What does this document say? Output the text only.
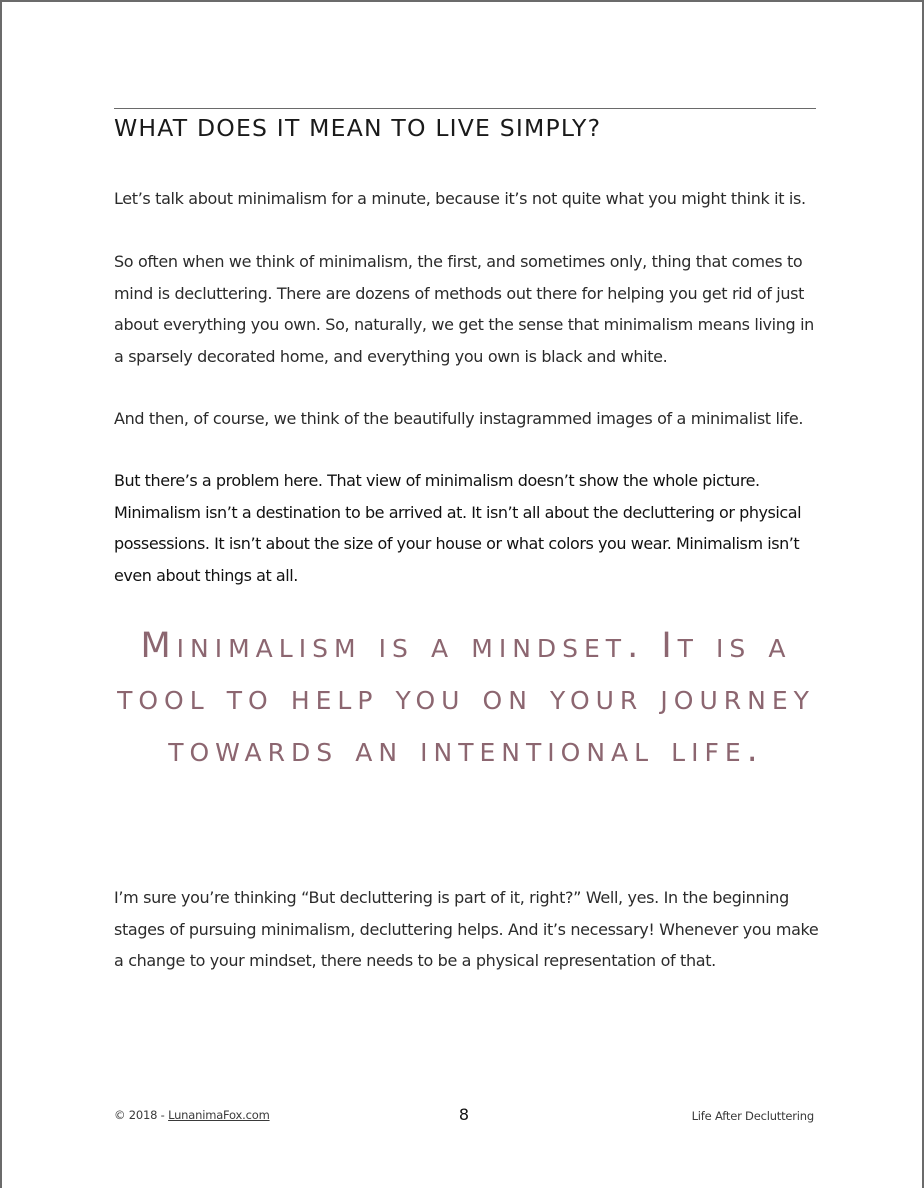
WHAT DOES IT MEAN TO LIVE SIMPLY?

Let’s talk about minimalism for a minute, because it’s not quite what you might think it is.

So often when we think of minimalism, the first, and sometimes only, thing that comes to mind is decluttering. There are dozens of methods out there for helping you get rid of just about everything you own. So, naturally, we get the sense that minimalism means living in a sparsely decorated home, and everything you own is black and white.

And then, of course, we think of the beautifully instagrammed images of a minimalist life.

But there’s a problem here. That view of minimalism doesn’t show the whole picture. Minimalism isn’t a destination to be arrived at. It isn’t all about the decluttering or physical possessions. It isn’t about the size of your house or what colors you wear. Minimalism isn’t even about things at all.

Minimalism is a mindset. It is a tool to help you on your journey towards an intentional life.

I’m sure you’re thinking “But decluttering is part of it, right?” Well, yes. In the beginning stages of pursuing minimalism, decluttering helps. And it’s necessary! Whenever you make a change to your mindset, there needs to be a physical representation of that.

© 2018 - LunanimaFox.com	8	Life After Decluttering
